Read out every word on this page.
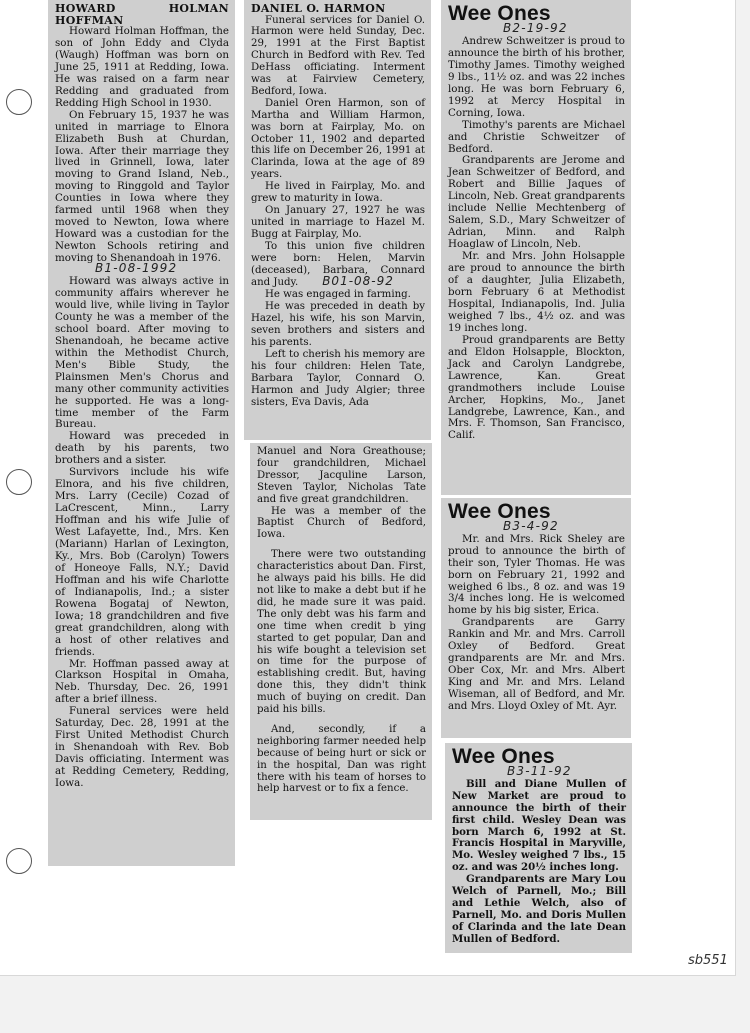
HOWARD HOLMAN HOFFMAN

Howard Holman Hoffman, the son of John Eddy and Clyda (Waugh) Hoffman was born on June 25, 1911 at Redding, Iowa. He was raised on a farm near Redding and graduated from Redding High School in 1930.

On February 15, 1937 he was united in marriage to Elnora Elizabeth Bush at Churdan, Iowa. After their marriage they lived in Grinnell, Iowa, later moving to Grand Island, Neb., moving to Ringgold and Taylor Counties in Iowa where they farmed until 1968 when they moved to Newton, Iowa where Howard was a custodian for the Newton Schools retiring and moving to Shenandoah in 1976.

B1-08-1992

Howard was always active in community affairs wherever he would live, while living in Taylor County he was a member of the school board. After moving to Shenandoah, he became active within the Methodist Church, Men's Bible Study, the Plainsmen Men's Chorus and many other community activities he supported. He was a long-time member of the Farm Bureau.

Howard was preceded in death by his parents, two brothers and a sister.

Survivors include his wife Elnora, and his five children, Mrs. Larry (Cecile) Cozad of LaCrescent, Minn., Larry Hoffman and his wife Julie of West Lafayette, Ind., Mrs. Ken (Mariann) Harlan of Lexington, Ky., Mrs. Bob (Carolyn) Towers of Honeoye Falls, N.Y.; David Hoffman and his wife Charlotte of Indianapolis, Ind.; a sister Rowena Bogataj of Newton, Iowa; 18 grandchildren and five great grandchildren, along with a host of other relatives and friends.

Mr. Hoffman passed away at Clarkson Hospital in Omaha, Neb. Thursday, Dec. 26, 1991 after a brief illness.

Funeral services were held Saturday, Dec. 28, 1991 at the First United Methodist Church in Shenandoah with Rev. Bob Davis officiating. Interment was at Redding Cemetery, Redding, Iowa.

DANIEL O. HARMON

Funeral services for Daniel O. Harmon were held Sunday, Dec. 29, 1991 at the First Baptist Church in Bedford with Rev. Ted DeHass officiating. Interment was at Fairview Cemetery, Bedford, Iowa.

Daniel Oren Harmon, son of Martha and William Harmon, was born at Fairplay, Mo. on October 11, 1902 and departed this life on December 26, 1991 at Clarinda, Iowa at the age of 89 years.

He lived in Fairplay, Mo. and grew to maturity in Iowa.

On January 27, 1927 he was united in marriage to Hazel M. Bugg at Fairplay, Mo.

To this union five children were born: Helen, Marvin (deceased), Barbara, Connard and Judy. B01-08-92

He was engaged in farming.

He was preceded in death by Hazel, his wife, his son Marvin, seven brothers and sisters and his parents.

Left to cherish his memory are his four children: Helen Tate, Barbara Taylor, Connard O. Harmon and Judy Algier; three sisters, Eva Davis, Ada

Manuel and Nora Greathouse; four grandchildren, Michael Dressor, Jacquline Larson, Steven Taylor, Nicholas Tate and five great grandchildren.

He was a member of the Baptist Church of Bedford, Iowa.

There were two outstanding characteristics about Dan. First, he always paid his bills. He did not like to make a debt but if he did, he made sure it was paid. The only debt was his farm and one time when credit b ying started to get popular, Dan and his wife bought a television set on time for the purpose of establishing credit. But, having done this, they didn't think much of buying on credit. Dan paid his bills.

And, secondly, if a neighboring farmer needed help because of being hurt or sick or in the hospital, Dan was right there with his team of horses to help harvest or to fix a fence.

Wee Ones
B2-19-92

Andrew Schweitzer is proud to announce the birth of his brother, Timothy James. Timothy weighed 9 lbs., 11½ oz. and was 22 inches long. He was born February 6, 1992 at Mercy Hospital in Corning, Iowa.

Timothy's parents are Michael and Christie Schweitzer of Bedford.

Grandparents are Jerome and Jean Schweitzer of Bedford, and Robert and Billie Jaques of Lincoln, Neb. Great grandparents include Nellie Mechtenberg of Salem, S.D., Mary Schweitzer of Adrian, Minn. and Ralph Hoaglaw of Lincoln, Neb.

Mr. and Mrs. John Holsapple are proud to announce the birth of a daughter, Julia Elizabeth, born February 6 at Methodist Hospital, Indianapolis, Ind. Julia weighed 7 lbs., 4½ oz. and was 19 inches long.

Proud grandparents are Betty and Eldon Holsapple, Blockton, Jack and Carolyn Landgrebe, Lawrence, Kan. Great grandmothers include Louise Archer, Hopkins, Mo., Janet Landgrebe, Lawrence, Kan., and Mrs. F. Thomson, San Francisco, Calif.

Wee Ones
B3-4-92

Mr. and Mrs. Rick Sheley are proud to announce the birth of their son, Tyler Thomas. He was born on February 21, 1992 and weighed 6 lbs., 8 oz. and was 19 3/4 inches long. He is welcomed home by his big sister, Erica.

Grandparents are Garry Rankin and Mr. and Mrs. Carroll Oxley of Bedford. Great grandparents are Mr. and Mrs. Ober Cox, Mr. and Mrs. Albert King and Mr. and Mrs. Leland Wiseman, all of Bedford, and Mr. and Mrs. Lloyd Oxley of Mt. Ayr.

Wee Ones
B3-11-92

Bill and Diane Mullen of New Market are proud to announce the birth of their first child. Wesley Dean was born March 6, 1992 at St. Francis Hospital in Maryville, Mo. Wesley weighed 7 lbs., 15 oz. and was 20½ inches long.

Grandparents are Mary Lou Welch of Parnell, Mo.; Bill and Lethie Welch, also of Parnell, Mo. and Doris Mullen of Clarinda and the late Dean Mullen of Bedford.

sb551
